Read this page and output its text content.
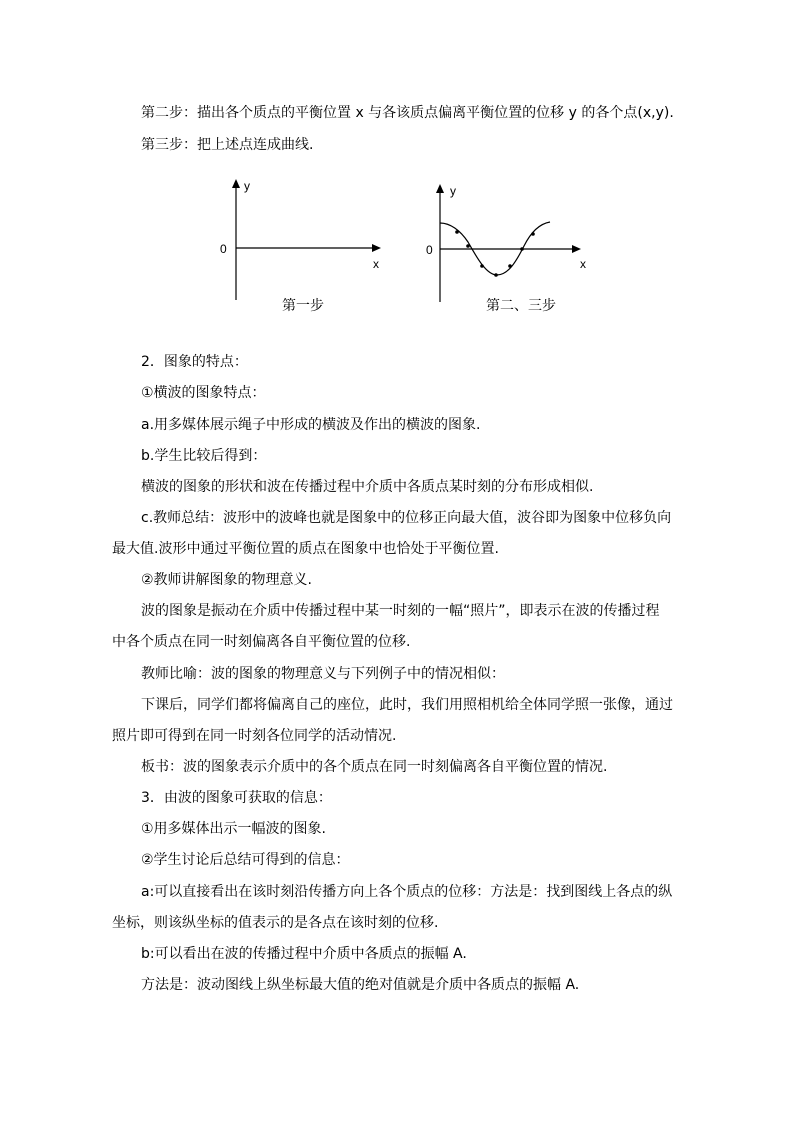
第二步：描出各个质点的平衡位置 x 与各该质点偏离平衡位置的位移 y 的各个点(x,y).
第三步：把上述点连成曲线.
y
0
x
第一步
y
0
x
第二、三步
2．图象的特点：
①横波的图象特点：
a.用多媒体展示绳子中形成的横波及作出的横波的图象.
b.学生比较后得到：
横波的图象的形状和波在传播过程中介质中各质点某时刻的分布形成相似.
c.教师总结：波形中的波峰也就是图象中的位移正向最大值，波谷即为图象中位移负向
最大值.波形中通过平衡位置的质点在图象中也恰处于平衡位置.
②教师讲解图象的物理意义.
波的图象是振动在介质中传播过程中某一时刻的一幅“照片”，即表示在波的传播过程
中各个质点在同一时刻偏离各自平衡位置的位移.
教师比喻：波的图象的物理意义与下列例子中的情况相似：
下课后，同学们都将偏离自己的座位，此时，我们用照相机给全体同学照一张像，通过
照片即可得到在同一时刻各位同学的活动情况.
板书：波的图象表示介质中的各个质点在同一时刻偏离各自平衡位置的情况.
3．由波的图象可获取的信息：
①用多媒体出示一幅波的图象.
②学生讨论后总结可得到的信息：
a:可以直接看出在该时刻沿传播方向上各个质点的位移：方法是：找到图线上各点的纵
坐标，则该纵坐标的值表示的是各点在该时刻的位移.
b:可以看出在波的传播过程中介质中各质点的振幅 A.
方法是：波动图线上纵坐标最大值的绝对值就是介质中各质点的振幅 A.
